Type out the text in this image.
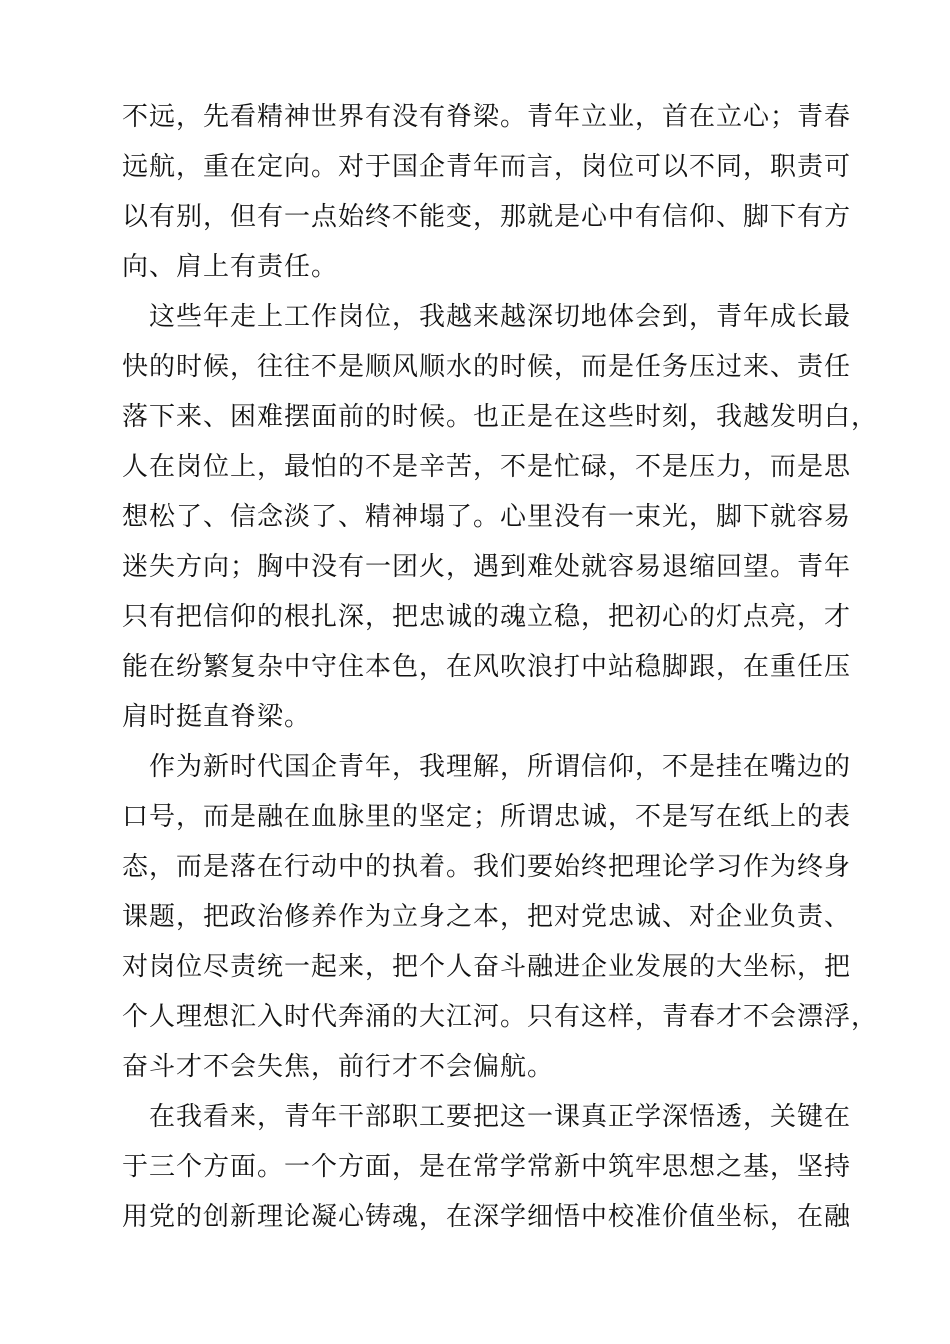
不远，先看精神世界有没有脊梁。青年立业，首在立心；青春
远航，重在定向。对于国企青年而言，岗位可以不同，职责可
以有别，但有一点始终不能变，那就是心中有信仰、脚下有方
向、肩上有责任。
　这些年走上工作岗位，我越来越深切地体会到，青年成长最
快的时候，往往不是顺风顺水的时候，而是任务压过来、责任
落下来、困难摆面前的时候。也正是在这些时刻，我越发明白，
人在岗位上，最怕的不是辛苦，不是忙碌，不是压力，而是思
想松了、信念淡了、精神塌了。心里没有一束光，脚下就容易
迷失方向；胸中没有一团火，遇到难处就容易退缩回望。青年
只有把信仰的根扎深，把忠诚的魂立稳，把初心的灯点亮，才
能在纷繁复杂中守住本色，在风吹浪打中站稳脚跟，在重任压
肩时挺直脊梁。
　作为新时代国企青年，我理解，所谓信仰，不是挂在嘴边的
口号，而是融在血脉里的坚定；所谓忠诚，不是写在纸上的表
态，而是落在行动中的执着。我们要始终把理论学习作为终身
课题，把政治修养作为立身之本，把对党忠诚、对企业负责、
对岗位尽责统一起来，把个人奋斗融进企业发展的大坐标，把
个人理想汇入时代奔涌的大江河。只有这样，青春才不会漂浮，
奋斗才不会失焦，前行才不会偏航。
　在我看来，青年干部职工要把这一课真正学深悟透，关键在
于三个方面。一个方面，是在常学常新中筑牢思想之基，坚持
用党的创新理论凝心铸魂，在深学细悟中校准价值坐标，在融
